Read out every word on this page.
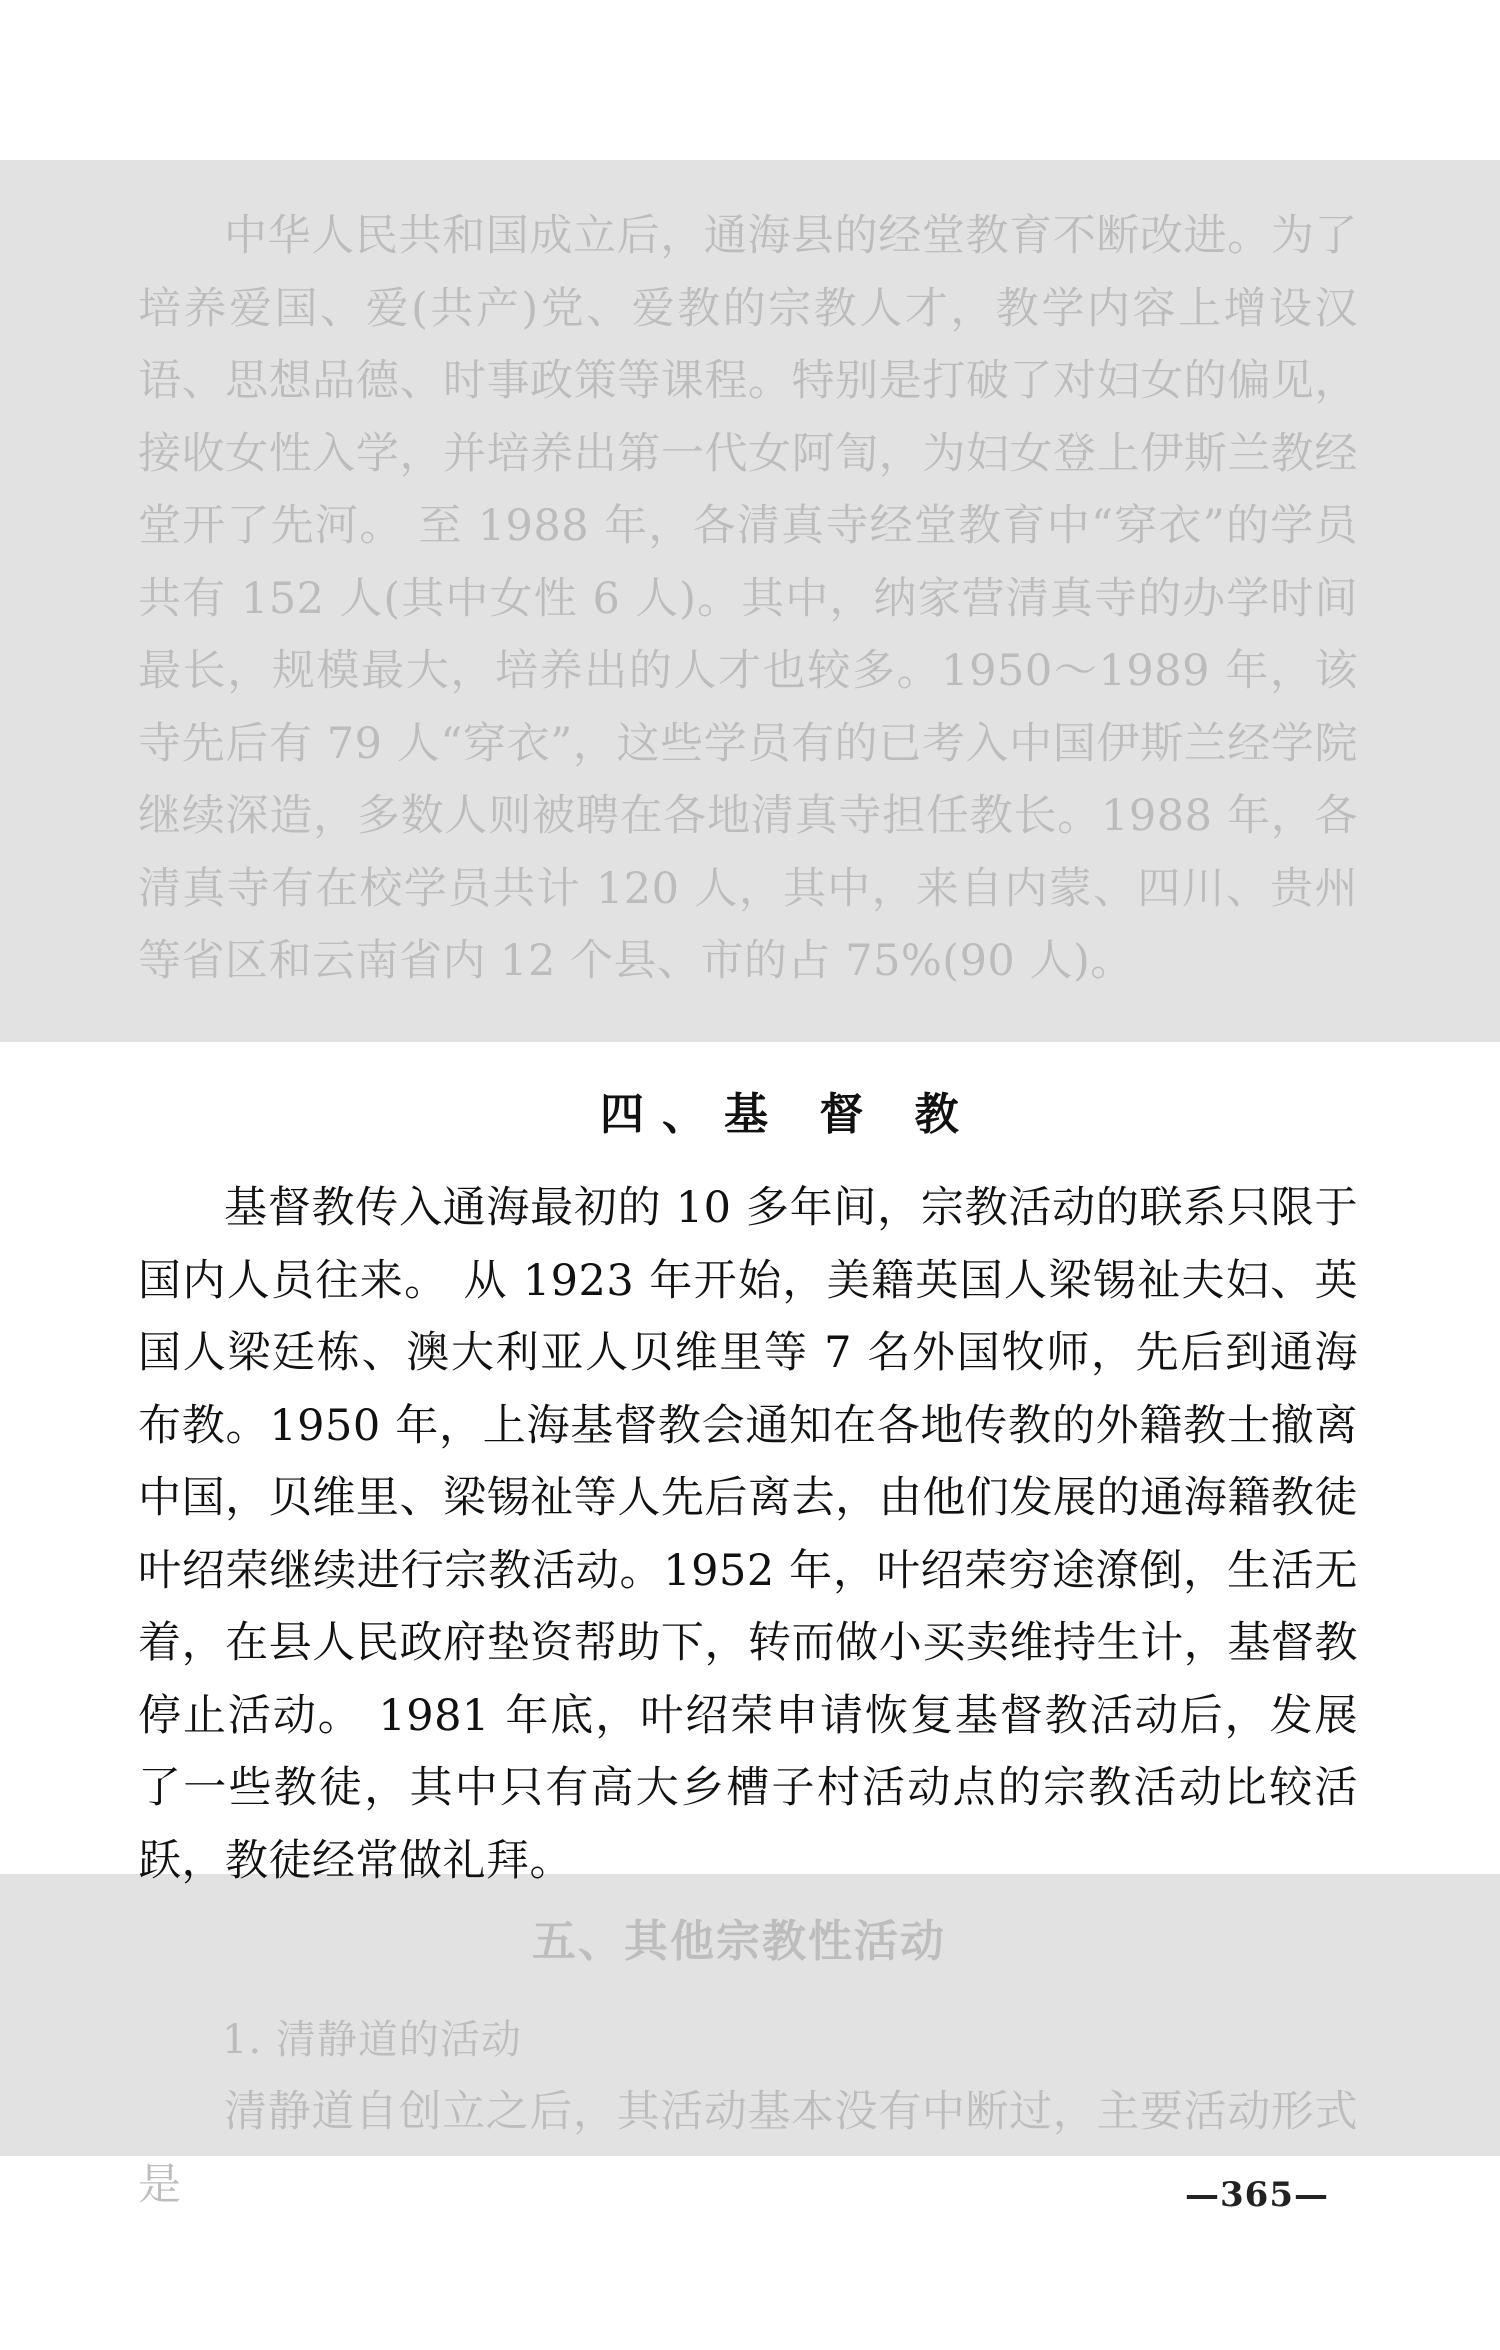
中华人民共和国成立后，通海县的经堂教育不断改进。为了培养爱国、爱(共产)党、爱教的宗教人才，教学内容上增设汉语、思想品德、时事政策等课程。特别是打破了对妇女的偏见，接收女性入学，并培养出第一代女阿訇，为妇女登上伊斯兰教经堂开了先河。 至 1988 年，各清真寺经堂教育中“穿衣”的学员共有 152 人(其中女性 6 人)。其中，纳家营清真寺的办学时间最长，规模最大，培养出的人才也较多。1950～1989 年，该寺先后有 79 人“穿衣”，这些学员有的已考入中国伊斯兰经学院继续深造，多数人则被聘在各地清真寺担任教长。1988 年，各清真寺有在校学员共计 120 人，其中，来自内蒙、四川、贵州等省区和云南省内 12 个县、市的占 75%(90 人)。

四、基 督 教

基督教传入通海最初的 10 多年间，宗教活动的联系只限于国内人员往来。 从 1923 年开始，美籍英国人梁锡祉夫妇、英国人梁廷栋、澳大利亚人贝维里等 7 名外国牧师，先后到通海布教。1950 年，上海基督教会通知在各地传教的外籍教士撤离中国，贝维里、梁锡祉等人先后离去，由他们发展的通海籍教徒叶绍荣继续进行宗教活动。1952 年，叶绍荣穷途潦倒，生活无着，在县人民政府垫资帮助下，转而做小买卖维持生计，基督教停止活动。 1981 年底，叶绍荣申请恢复基督教活动后，发展了一些教徒，其中只有高大乡槽子村活动点的宗教活动比较活跃，教徒经常做礼拜。

五、其他宗教性活动

1. 清静道的活动

清静道自创立之后，其活动基本没有中断过，主要活动形式是	—365—
